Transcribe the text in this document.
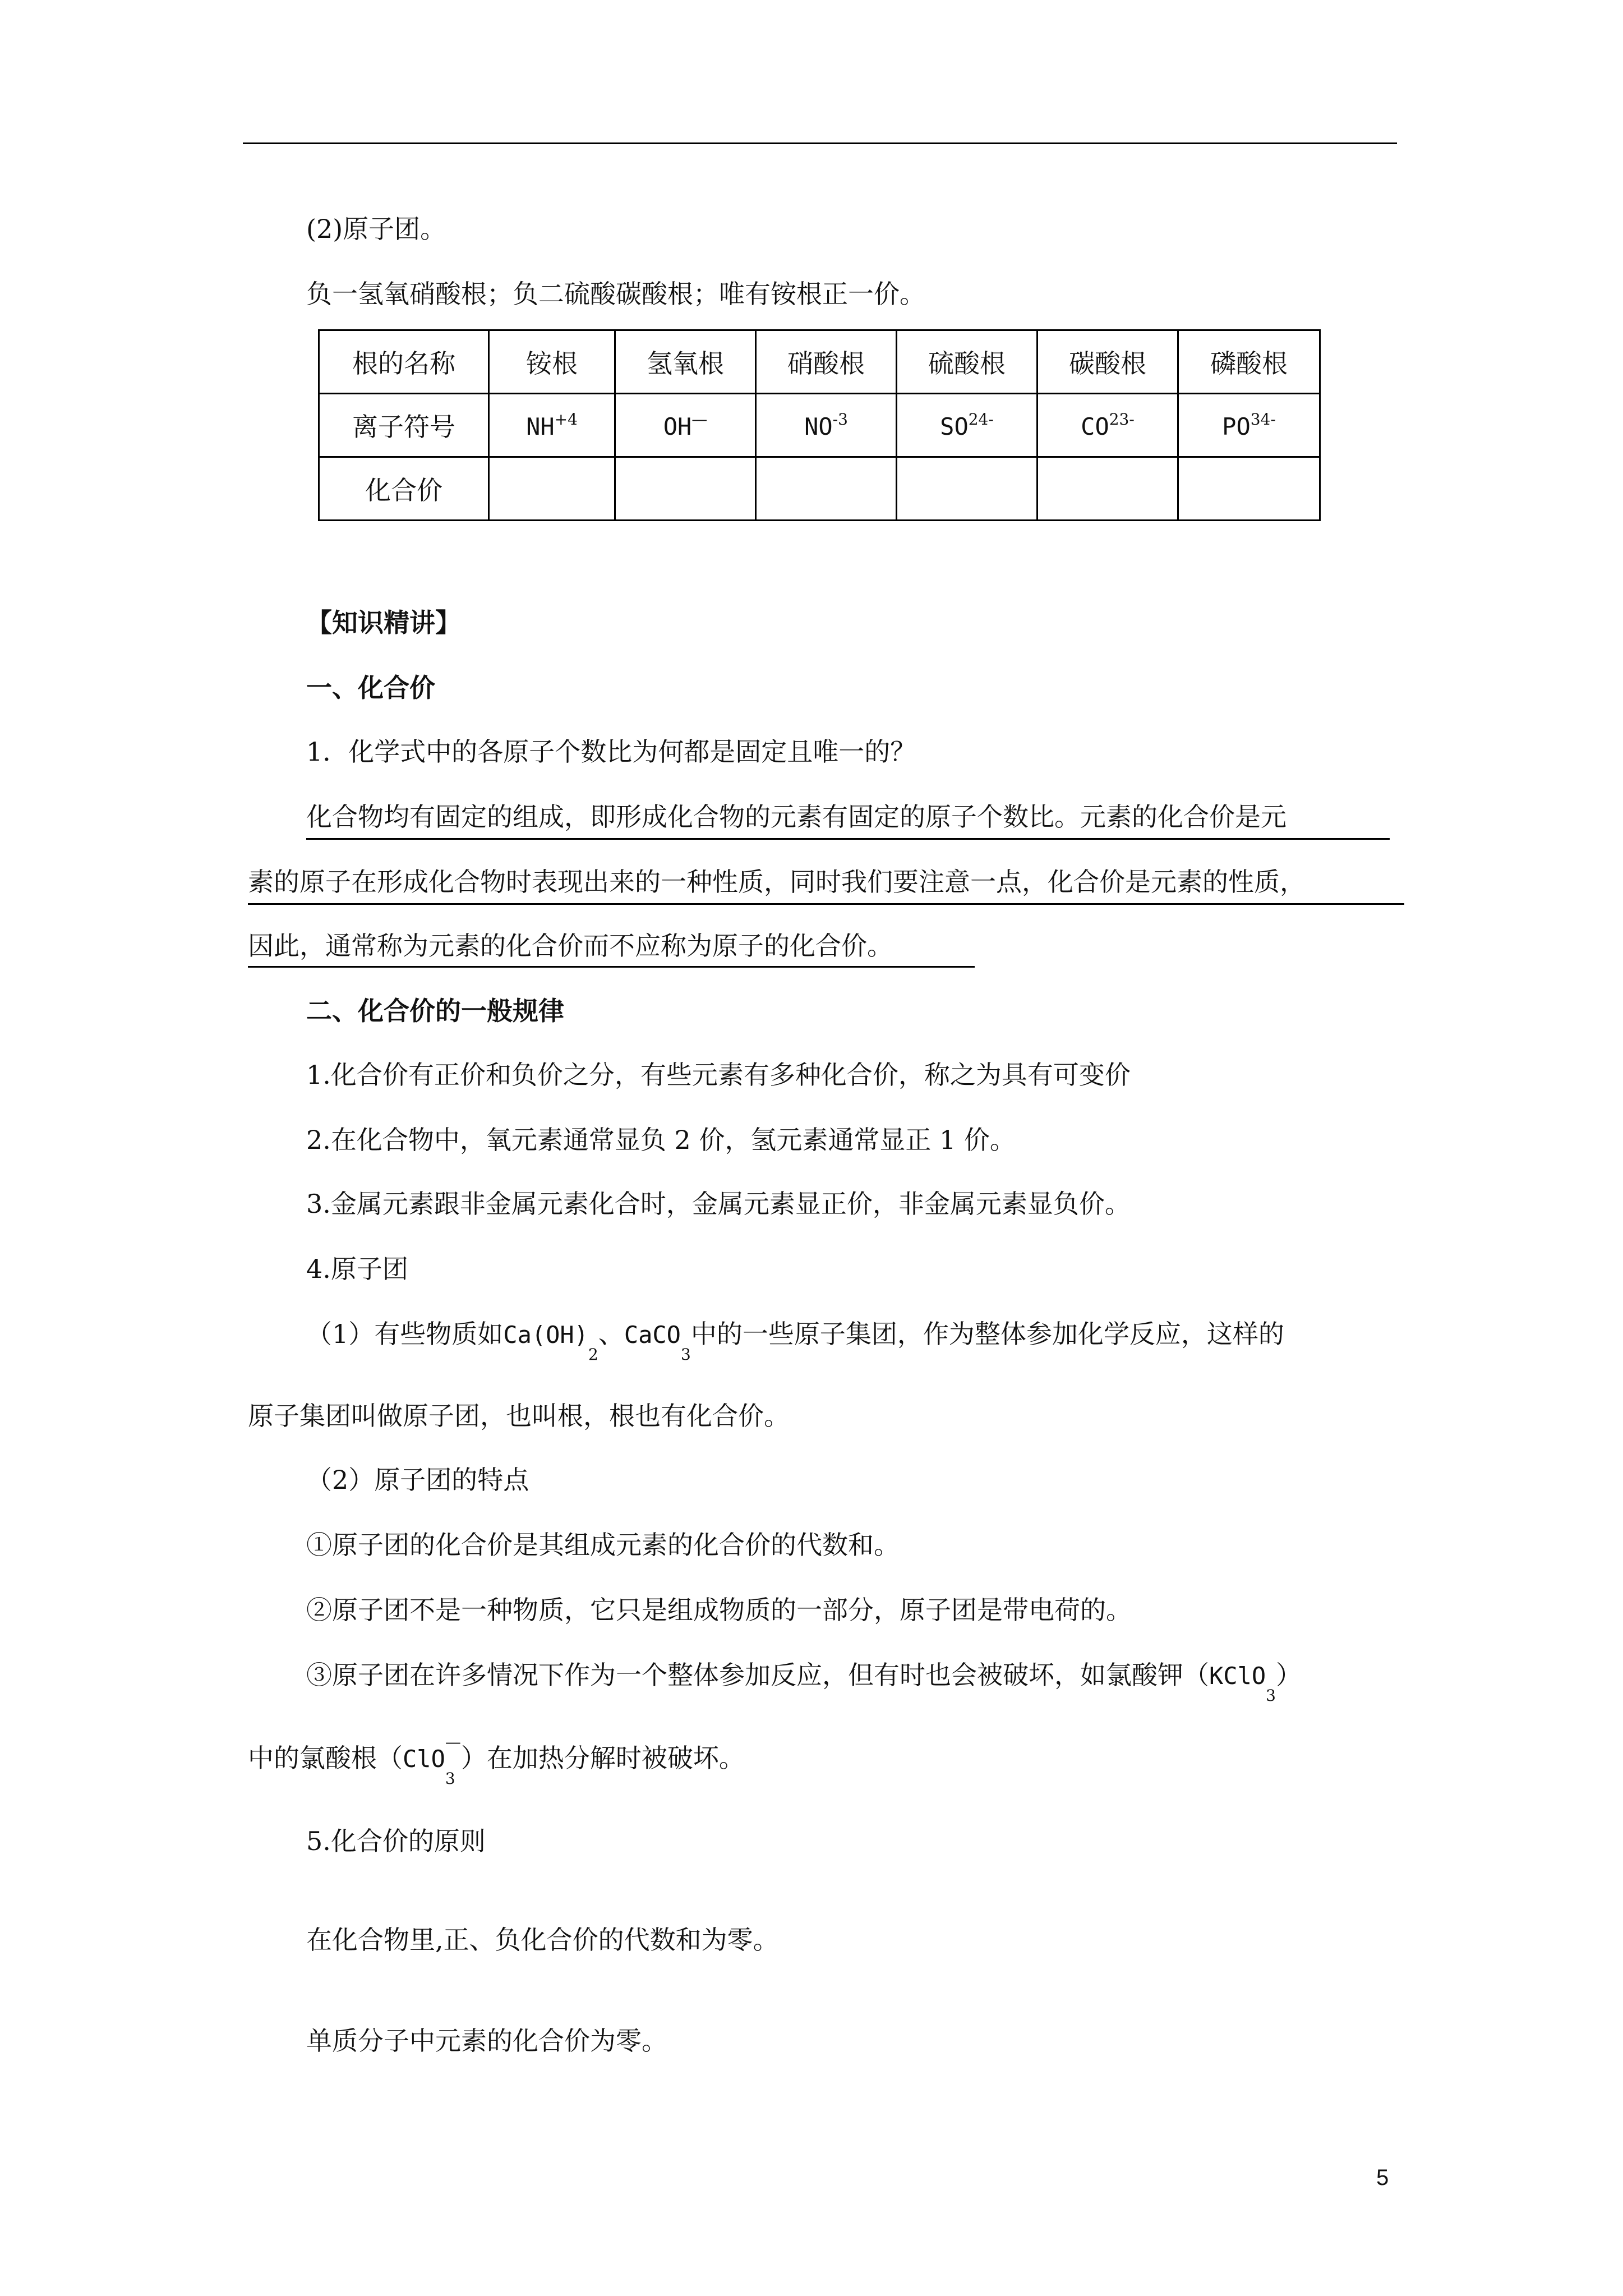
(2)原子团。
负一氢氧硝酸根；负二硫酸碳酸根；唯有铵根正一价。
根的名称	铵根	氢氧根	硝酸根	硫酸根	碳酸根	磷酸根
离子符号	$NH^{+4}$	OH—	$NO^{-3}$	$SO^{24-}$	$CO^{23-}$	$PO^{34-}$
化合价						
【知识精讲】
一、化合价
1．化学式中的各原子个数比为何都是固定且唯一的？
化合物均有固定的组成，即形成化合物的元素有固定的原子个数比。元素的化合价是元
素的原子在形成化合物时表现出来的一种性质，同时我们要注意一点，化合价是元素的性质，
因此，通常称为元素的化合价而不应称为原子的化合价。
二、化合价的一般规律
1.化合价有正价和负价之分，有些元素有多种化合价，称之为具有可变价
2.在化合物中，氧元素通常显负 2 价，氢元素通常显正 1 价。
3.金属元素跟非金属元素化合时，金属元素显正价，非金属元素显负价。
4.原子团
（1）有些物质如$Ca(OH)_2$、CaCO$_3$中的一些原子集团，作为整体参加化学反应，这样的
原子集团叫做原子团，也叫根，根也有化合价。
（2）原子团的特点
①原子团的化合价是其组成元素的化合价的代数和。
②原子团不是一种物质，它只是组成物质的一部分，原子团是带电荷的。
③原子团在许多情况下作为一个整体参加反应，但有时也会被破坏，如氯酸钾（KClO$_3$）
中的氯酸根（ClO
—
$_3$）在加热分解时被破坏。
5.化合价的原则
在化合物里,正、负化合价的代数和为零。
单质分子中元素的化合价为零。
5
